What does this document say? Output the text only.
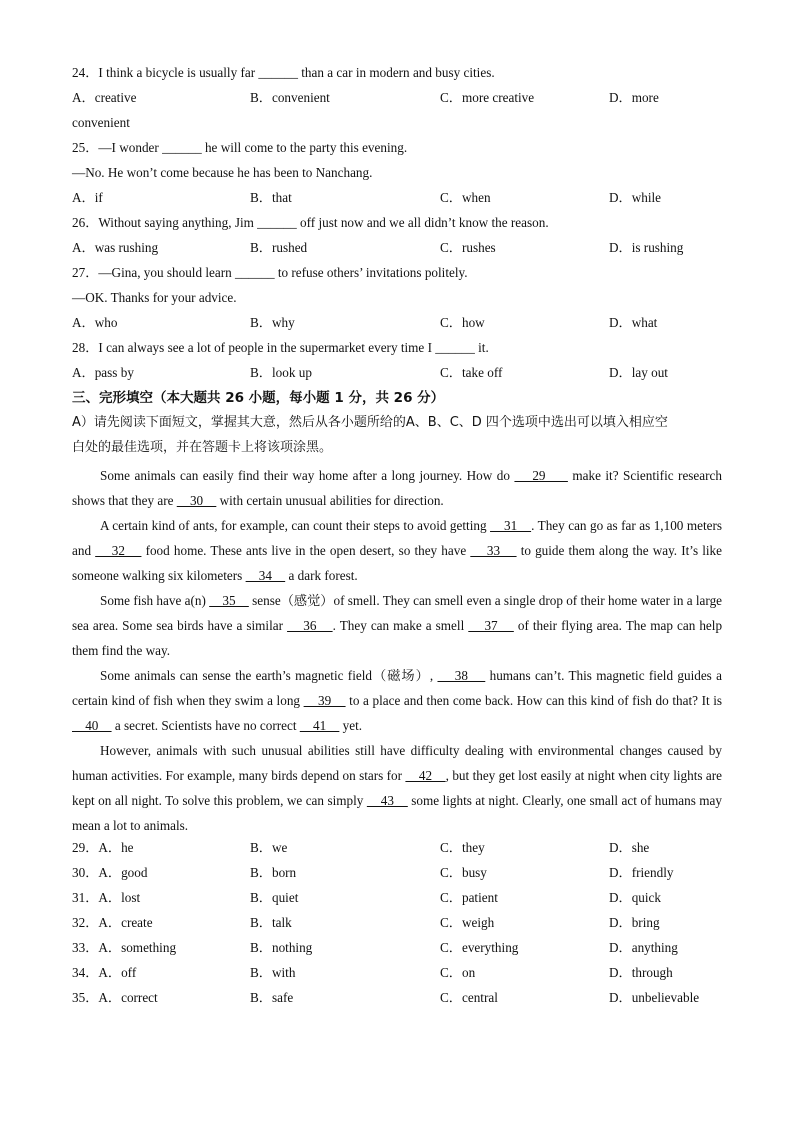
24．I think a bicycle is usually far ______ than a car in modern and busy cities.
A．creative	B．convenient	C．more creative	D．more
convenient
25．—I wonder ______ he will come to the party this evening.
—No. He won’t come because he has been to Nanchang.
A．if	B．that	C．when	D．while
26．Without saying anything, Jim ______ off just now and we all didn’t know the reason.
A．was rushing	B．rushed	C．rushes	D．is rushing
27．—Gina, you should learn ______ to refuse others’ invitations politely.
—OK. Thanks for your advice.
A．who	B．why	C．how	D．what
28．I can always see a lot of people in the supermarket every time I ______ it.
A．pass by	B．look up	C．take off	D．lay out
三、完形填空（本大题共 26 小题，每小题 1 分，共 26 分）
A）请先阅读下面短文，掌握其大意，然后从各小题所给的A、B、C、D 四个选项中选出可以填入相应空
白处的最佳选项，并在答题卡上将该项涂黑。
Some animals can easily find their way home after a long journey. How do     29      make it? Scientific research shows that they are     30     with certain unusual abilities for direction.
A certain kind of ants, for example, can count their steps to avoid getting     31    . They can go as far as 1,100 meters and     32     food home. These ants live in the open desert, so they have     33     to guide them along the way. It’s like someone walking six kilometers     34     a dark forest.
Some fish have a(n)     35     sense（感觉）of smell. They can smell even a single drop of their home water in a large sea area. Some sea birds have a similar     36    . They can make a smell     37     of their flying area. The map can help them find the way.
Some animals can sense the earth’s magnetic field（磁场）,     38     humans can’t. This magnetic field guides a certain kind of fish when they swim a long     39     to a place and then come back. How can this kind of fish do that? It is     40     a secret. Scientists have no correct     41     yet.
However, animals with such unusual abilities still have difficulty dealing with environmental changes caused by human activities. For example, many birds depend on stars for     42    , but they get lost easily at night when city lights are kept on all night. To solve this problem, we can simply     43     some lights at night. Clearly, one small act of humans may mean a lot to animals.
29．A．he	B．we	C．they	D．she
30．A．good	B．born	C．busy	D．friendly
31．A．lost	B．quiet	C．patient	D．quick
32．A．create	B．talk	C．weigh	D．bring
33．A．something	B．nothing	C．everything	D．anything
34．A．off	B．with	C．on	D．through
35．A．correct	B．safe	C．central	D．unbelievable
